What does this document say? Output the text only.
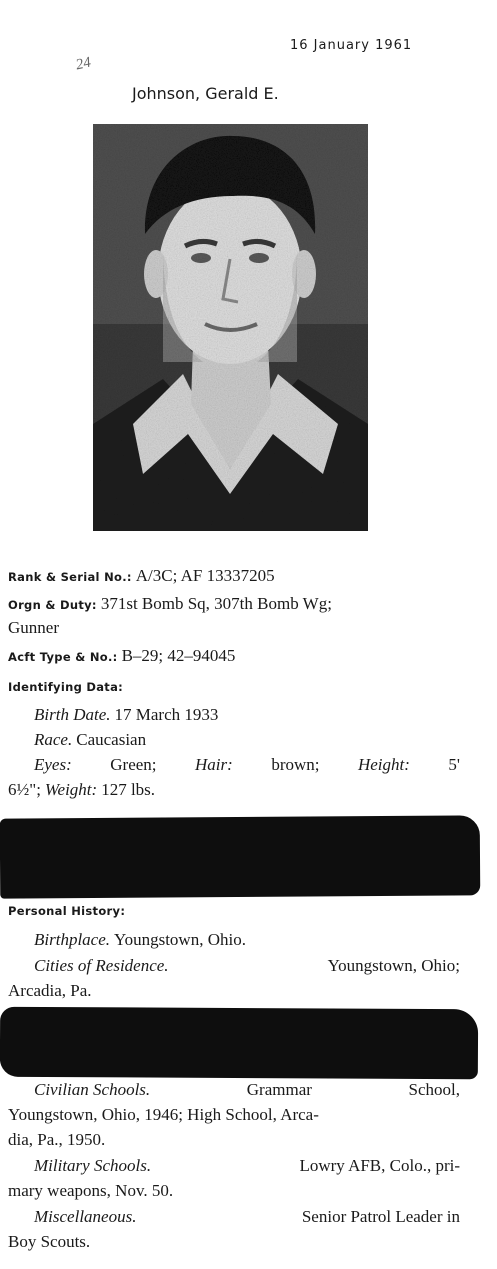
16 January 1961
24
Johnson, Gerald E.
Rank & Serial No.: A/3C; AF 13337205
Orgn & Duty: 371st Bomb Sq, 307th Bomb Wg;
Gunner
Acft Type & No.: B–29; 42–94045
Identifying Data:
Birth Date. 17 March 1933
Race. Caucasian
Eyes: Green; Hair: brown; Height: 5'
6½"; Weight: 127 lbs.
Personal History:
Birthplace. Youngstown, Ohio.
Cities of Residence.	Youngstown, Ohio;
Arcadia, Pa.
Civilian Schools.	Grammar	School,
Youngstown, Ohio, 1946; High School, Arca-
dia, Pa., 1950.
Military Schools.	Lowry AFB, Colo., pri-
mary weapons, Nov. 50.
Miscellaneous.	Senior Patrol Leader in
Boy Scouts.
